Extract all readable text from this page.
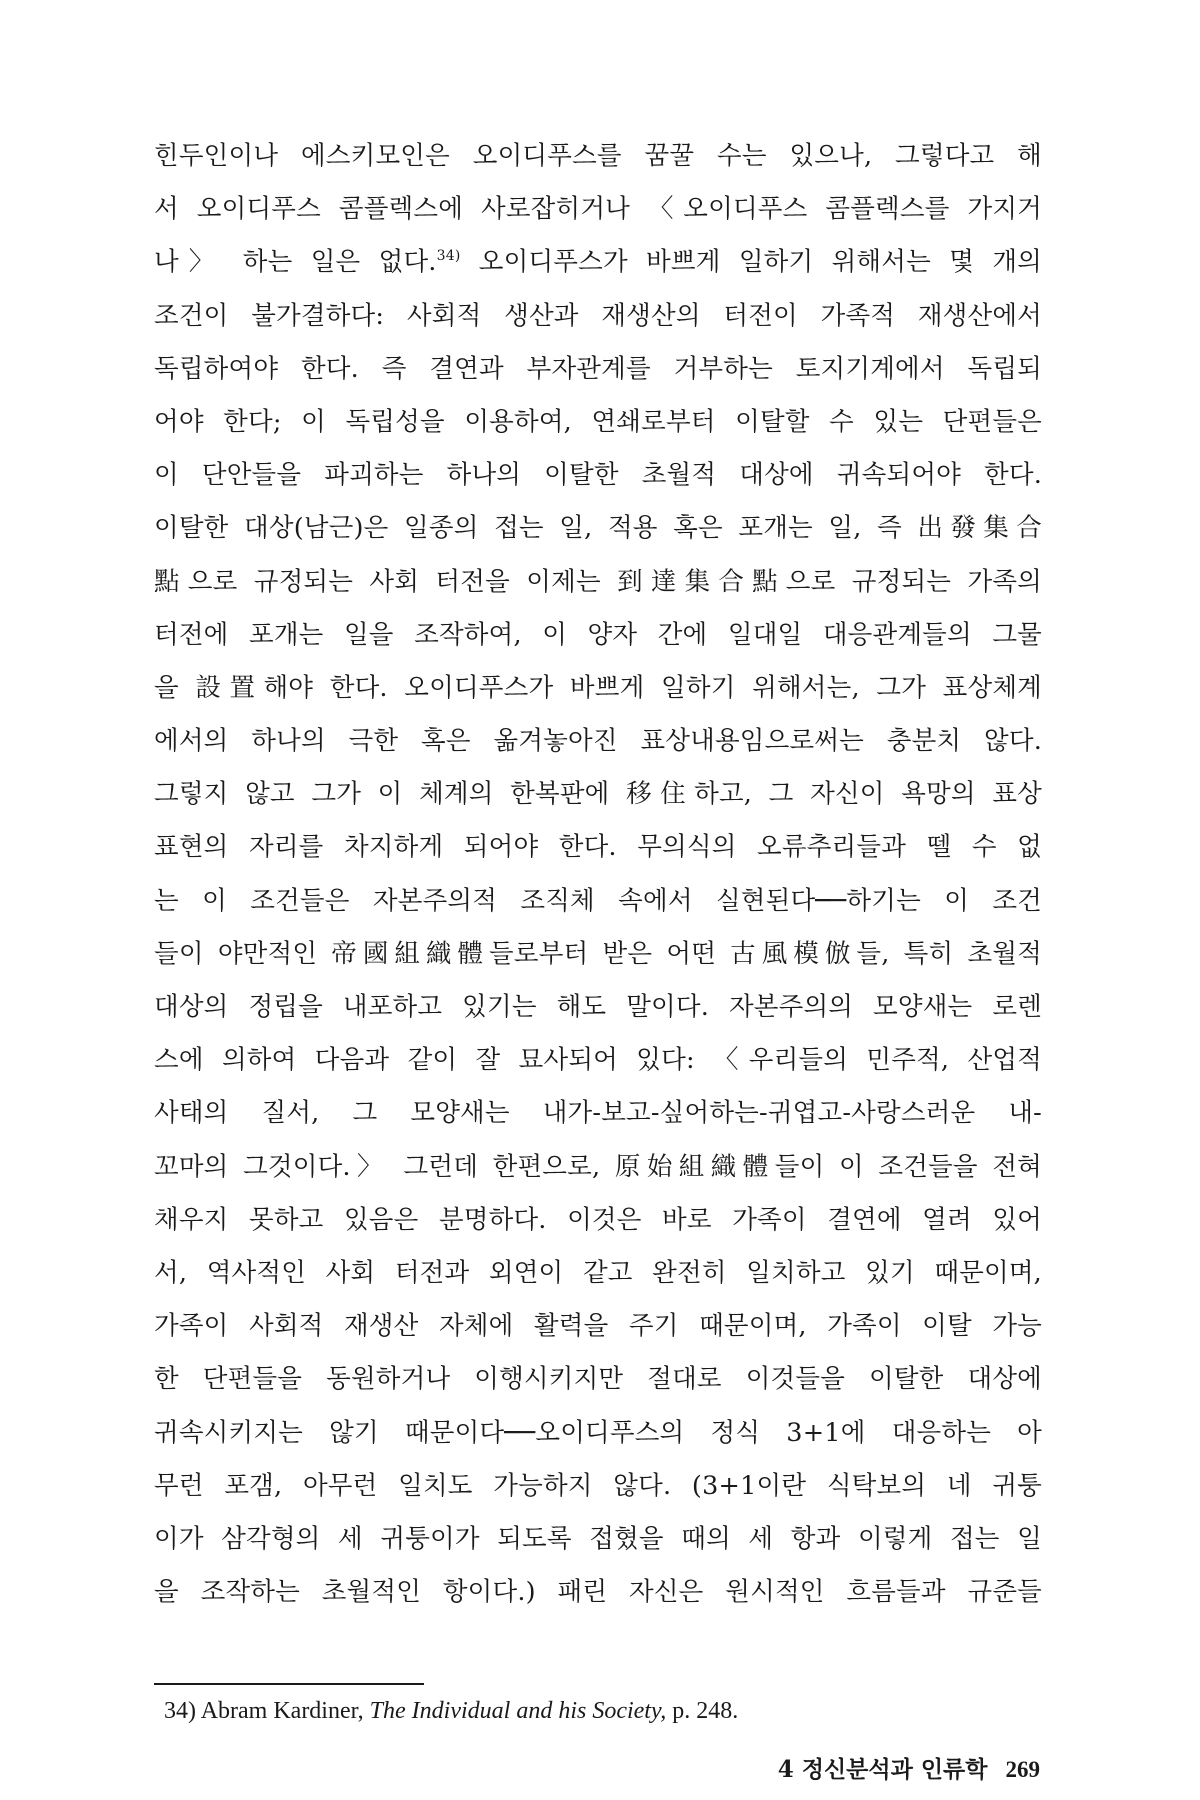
힌두인이나 에스키모인은 오이디푸스를 꿈꿀 수는 있으나, 그렇다고 해
서 오이디푸스 콤플렉스에 사로잡히거나 〈오이디푸스 콤플렉스를 가지거
나〉 하는 일은 없다.$^{34)}$ 오이디푸스가 바쁘게 일하기 위해서는 몇 개의
조건이 불가결하다: 사회적 생산과 재생산의 터전이 가족적 재생산에서
독립하여야 한다. 즉 결연과 부자관계를 거부하는 토지기계에서 독립되
어야 한다; 이 독립성을 이용하여, 연쇄로부터 이탈할 수 있는 단편들은
이 단안들을 파괴하는 하나의 이탈한 초월적 대상에 귀속되어야 한다.
이탈한 대상(남근)은 일종의 접는 일, 적용 혹은 포개는 일, 즉 出發集合
點으로 규정되는 사회 터전을 이제는 到達集合點으로 규정되는 가족의
터전에 포개는 일을 조작하여, 이 양자 간에 일대일 대응관계들의 그물
을 設置해야 한다. 오이디푸스가 바쁘게 일하기 위해서는, 그가 표상체계
에서의 하나의 극한 혹은 옮겨놓아진 표상내용임으로써는 충분치 않다.
그렇지 않고 그가 이 체계의 한복판에 移住하고, 그 자신이 욕망의 표상
표현의 자리를 차지하게 되어야 한다. 무의식의 오류추리들과 뗄 수 없
는 이 조건들은 자본주의적 조직체 속에서 실현된다──하기는 이 조건
들이 야만적인 帝國組織體들로부터 받은 어떤 古風模倣들, 특히 초월적
대상의 정립을 내포하고 있기는 해도 말이다. 자본주의의 모양새는 로렌
스에 의하여 다음과 같이 잘 묘사되어 있다: 〈우리들의 민주적, 산업적
사태의 질서, 그 모양새는 내가-보고-싶어하는-귀엽고-사랑스러운 내-
꼬마의 그것이다.〉 그런데 한편으로, 原始組織體들이 이 조건들을 전혀
채우지 못하고 있음은 분명하다. 이것은 바로 가족이 결연에 열려 있어
서, 역사적인 사회 터전과 외연이 같고 완전히 일치하고 있기 때문이며,
가족이 사회적 재생산 자체에 활력을 주기 때문이며, 가족이 이탈 가능
한 단편들을 동원하거나 이행시키지만 절대로 이것들을 이탈한 대상에
귀속시키지는 않기 때문이다──오이디푸스의 정식 3+1에 대응하는 아
무런 포갬, 아무런 일치도 가능하지 않다. (3+1이란 식탁보의 네 귀퉁
이가 삼각형의 세 귀퉁이가 되도록 접혔을 때의 세 항과 이렇게 접는 일
을 조작하는 초월적인 항이다.) 패린 자신은 원시적인 흐름들과 규준들
34) Abram Kardiner, The Individual and his Society, p. 248.
4 정신분석과 인류학 269
